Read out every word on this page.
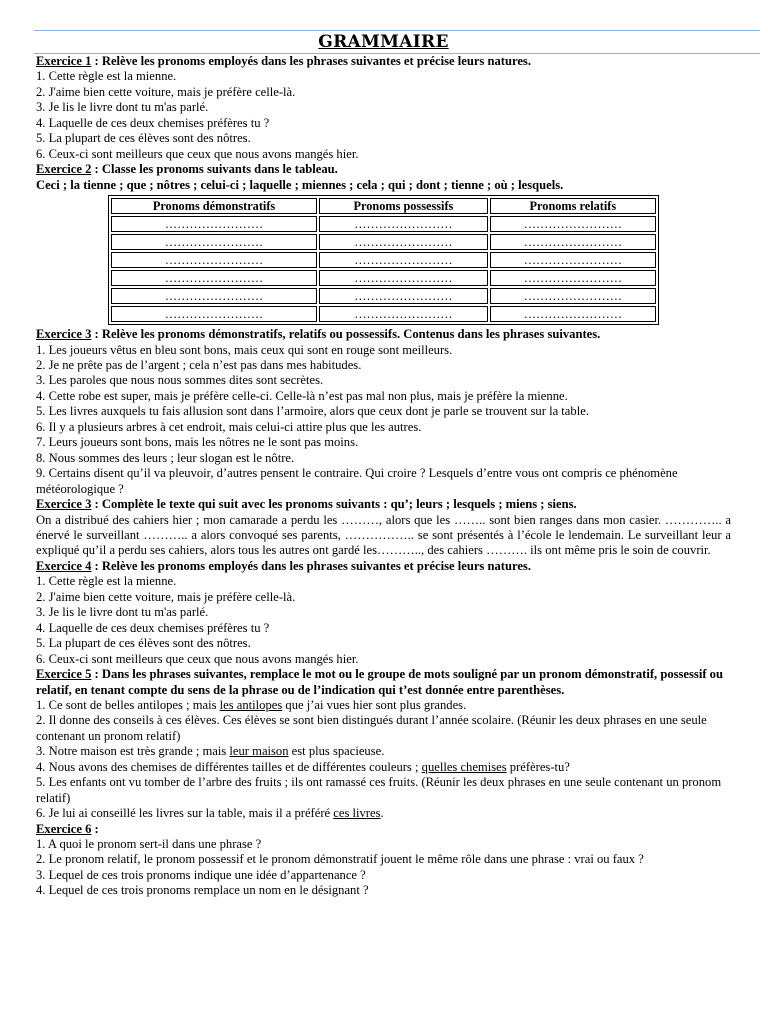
GRAMMAIRE
Exercice 1 : Relève les pronoms employés dans les phrases suivantes et précise leurs natures.
1. Cette règle est la mienne.
2. J'aime bien cette voiture, mais je préfère celle-là.
3. Je lis le livre dont tu m'as parlé.
4. Laquelle de ces deux chemises préfères tu ?
5. La plupart de ces élèves sont des nôtres.
6. Ceux-ci sont meilleurs que ceux que nous avons mangés hier.
Exercice 2 : Classe les pronoms suivants dans le tableau.
Ceci ; la tienne ; que ; nôtres ; celui-ci ; laquelle ; miennes ; cela ; qui ; dont ; tienne ; où ; lesquels.
Pronoms démonstratifs	Pronoms possessifs	Pronoms relatifs
……………………	……………………	……………………
……………………	……………………	……………………
……………………	……………………	……………………
……………………	……………………	……………………
……………………	……………………	……………………
……………………	……………………	……………………
Exercice 3 : Relève les pronoms démonstratifs, relatifs ou possessifs. Contenus dans les phrases suivantes.
1. Les joueurs vêtus en bleu sont bons, mais ceux qui sont en rouge sont meilleurs.
2. Je ne prête pas de l’argent ; cela n’est pas dans mes habitudes.
3. Les paroles que nous nous sommes dites sont secrètes.
4. Cette robe est super, mais je préfère celle-ci. Celle-là n’est pas mal non plus, mais je préfère la mienne.
5. Les livres auxquels tu fais allusion sont dans l’armoire, alors que ceux dont je parle se trouvent sur la table.
6. Il y a plusieurs arbres à cet endroit, mais celui-ci attire plus que les autres.
7. Leurs joueurs sont bons, mais les nôtres ne le sont pas moins.
8. Nous sommes des leurs ; leur slogan est le nôtre.
9. Certains disent qu’il va pleuvoir, d’autres pensent le contraire. Qui croire ? Lesquels d’entre vous ont compris ce phénomène météorologique ?
Exercice 3 : Complète le texte qui suit avec les pronoms suivants : qu’; leurs ; lesquels ; miens ; siens.
On a distribué des cahiers hier ; mon camarade a perdu les ………, alors que les …….. sont bien ranges dans mon casier. ………….. a énervé le surveillant ……….. a alors convoqué ses parents, …………….. se sont présentés à l’école le lendemain. Le surveillant leur a expliqué qu’il a perdu ses cahiers, alors tous les autres ont gardé les……….., des cahiers ………. ils ont même pris le soin de couvrir.
Exercice 4 : Relève les pronoms employés dans les phrases suivantes et précise leurs natures.
1. Cette règle est la mienne.
2. J'aime bien cette voiture, mais je préfère celle-là.
3. Je lis le livre dont tu m'as parlé.
4. Laquelle de ces deux chemises préfères tu ?
5. La plupart de ces élèves sont des nôtres.
6. Ceux-ci sont meilleurs que ceux que nous avons mangés hier.
Exercice 5 : Dans les phrases suivantes, remplace le mot ou le groupe de mots souligné par un pronom démonstratif, possessif ou relatif, en tenant compte du sens de la phrase ou de l’indication qui t’est donnée entre parenthèses.
1. Ce sont de belles antilopes ; mais les antilopes que j’ai vues hier sont plus grandes.
2. Il donne des conseils à ces élèves. Ces élèves se sont bien distingués durant l’année scolaire. (Réunir les deux phrases en une seule contenant un pronom relatif)
3. Notre maison est très grande ; mais leur maison est plus spacieuse.
4. Nous avons des chemises de différentes tailles et de différentes couleurs ; quelles chemises préfères-tu?
5. Les enfants ont vu tomber de l’arbre des fruits ; ils ont ramassé ces fruits. (Réunir les deux phrases en une seule contenant un pronom relatif)
6. Je lui ai conseillé les livres sur la table, mais il a préféré ces livres.
Exercice 6 :
1. A quoi le pronom sert-il dans une phrase ?
2. Le pronom relatif, le pronom possessif et le pronom démonstratif jouent le même rôle dans une phrase : vrai ou faux ?
3. Lequel de ces trois pronoms indique une idée d’appartenance ?
4. Lequel de ces trois pronoms remplace un nom en le désignant ?
